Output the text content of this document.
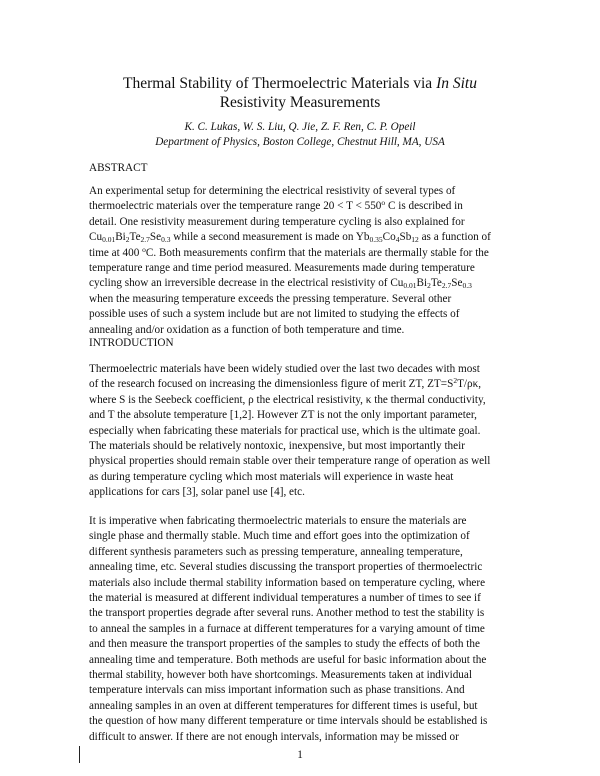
Thermal Stability of Thermoelectric Materials via In Situ
Resistivity Measurements
K. C. Lukas, W. S. Liu, Q. Jie, Z. F. Ren, C. P. Opeil
Department of Physics, Boston College, Chestnut Hill, MA, USA
ABSTRACT
An experimental setup for determining the electrical resistivity of several types of
thermoelectric materials over the temperature range $20 < T < 550^o$ C is described in
detail. One resistivity measurement during temperature cycling is also explained for
$Cu_{0.01}Bi_2Te_{2.7}Se_{0.3}$ while a second measurement is made on $Yb_{0.35}Co_4Sb_{12}$ as a function of
time at 400 $^o$C. Both measurements confirm that the materials are thermally stable for the
temperature range and time period measured. Measurements made during temperature
cycling show an irreversible decrease in the electrical resistivity of $Cu_{0.01}Bi_2Te_{2.7}Se_{0.3}$
when the measuring temperature exceeds the pressing temperature. Several other
possible uses of such a system include but are not limited to studying the effects of
annealing and/or oxidation as a function of both temperature and time.
INTRODUCTION
Thermoelectric materials have been widely studied over the last two decades with most
of the research focused on increasing the dimensionless figure of merit ZT, $ZT=S^2T/\rho\kappa$,
where S is the Seebeck coefficient, ρ the electrical resistivity, κ the thermal conductivity,
and T the absolute temperature [1,2]. However ZT is not the only important parameter,
especially when fabricating these materials for practical use, which is the ultimate goal.
The materials should be relatively nontoxic, inexpensive, but most importantly their
physical properties should remain stable over their temperature range of operation as well
as during temperature cycling which most materials will experience in waste heat
applications for cars [3], solar panel use [4], etc.
It is imperative when fabricating thermoelectric materials to ensure the materials are
single phase and thermally stable. Much time and effort goes into the optimization of
different synthesis parameters such as pressing temperature, annealing temperature,
annealing time, etc. Several studies discussing the transport properties of thermoelectric
materials also include thermal stability information based on temperature cycling, where
the material is measured at different individual temperatures a number of times to see if
the transport properties degrade after several runs. Another method to test the stability is
to anneal the samples in a furnace at different temperatures for a varying amount of time
and then measure the transport properties of the samples to study the effects of both the
annealing time and temperature. Both methods are useful for basic information about the
thermal stability, however both have shortcomings. Measurements taken at individual
temperature intervals can miss important information such as phase transitions. And
annealing samples in an oven at different temperatures for different times is useful, but
the question of how many different temperature or time intervals should be established is
difficult to answer. If there are not enough intervals, information may be missed or
1
